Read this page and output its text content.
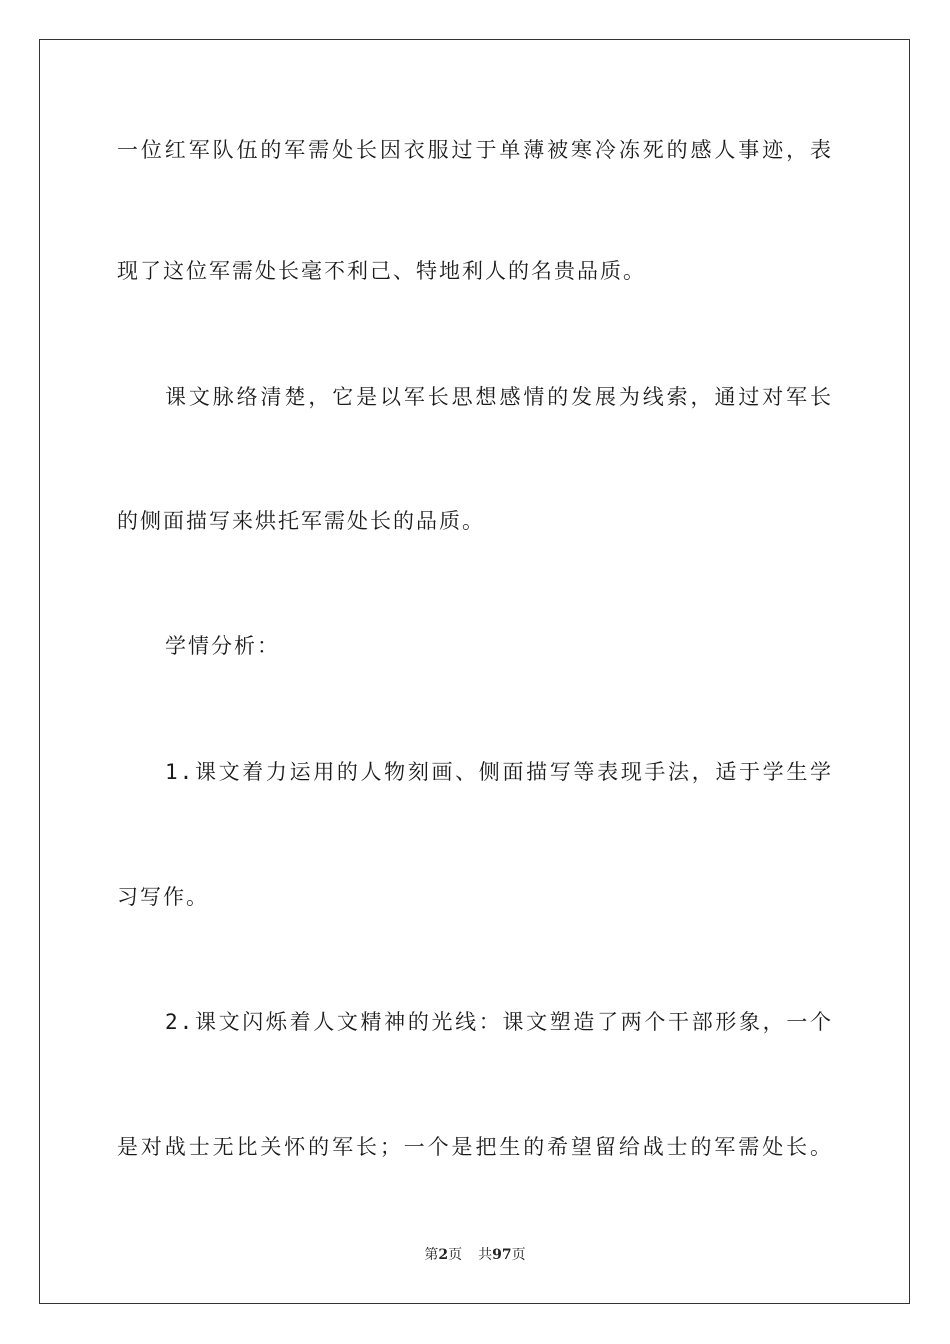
一位红军队伍的军需处长因衣服过于单薄被寒冷冻死的感人事迹，表
现了这位军需处长毫不利己、特地利人的名贵品质。
课文脉络清楚，它是以军长思想感情的发展为线索，通过对军长
的侧面描写来烘托军需处长的品质。
学情分析：
1.课文着力运用的人物刻画、侧面描写等表现手法，适于学生学
习写作。
2.课文闪烁着人文精神的光线：课文塑造了两个干部形象，一个
是对战士无比关怀的军长；一个是把生的希望留给战士的军需处长。
第2页 共97页
